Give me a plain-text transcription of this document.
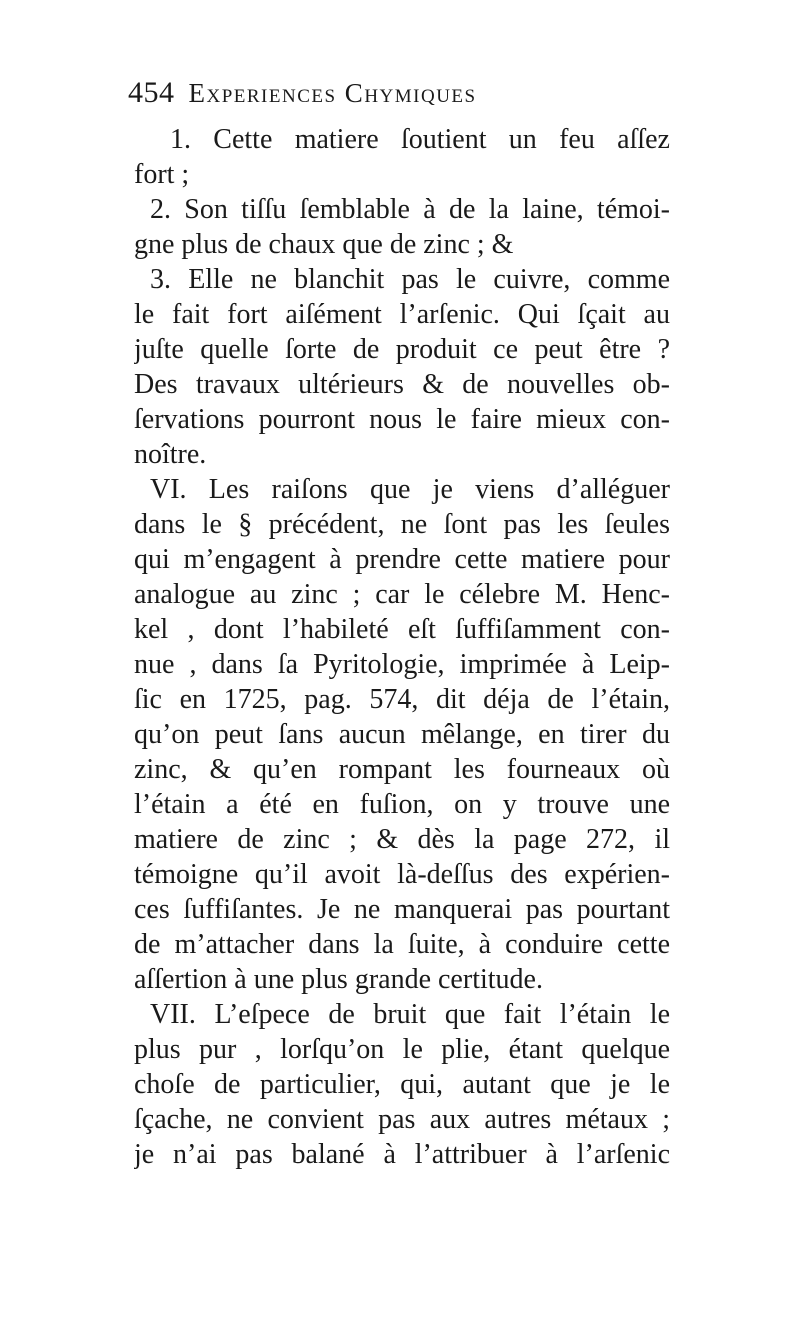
454 Experiences Chymiques
1. Cette matiere ſoutient un feu aſſez
fort ;
2. Son tiſſu ſemblable à de la laine, témoi-
gne plus de chaux que de zinc ; &
3. Elle ne blanchit pas le cuivre, comme
le fait fort aiſément l’arſenic. Qui ſçait au
juſte quelle ſorte de produit ce peut être ?
Des travaux ultérieurs & de nouvelles ob-
ſervations pourront nous le faire mieux con-
noître.
VI. Les raiſons que je viens d’alléguer
dans le § précédent, ne ſont pas les ſeules
qui m’engagent à prendre cette matiere pour
analogue au zinc ; car le célebre M. Henc-
kel , dont l’habileté eſt ſuffiſamment con-
nue , dans ſa Pyritologie, imprimée à Leip-
ſic en 1725, pag. 574, dit déja de l’étain,
qu’on peut ſans aucun mêlange, en tirer du
zinc, & qu’en rompant les fourneaux où
l’étain a été en fuſion, on y trouve une
matiere de zinc ; & dès la page 272, il
témoigne qu’il avoit là-deſſus des expérien-
ces ſuffiſantes. Je ne manquerai pas pourtant
de m’attacher dans la ſuite, à conduire cette
aſſertion à une plus grande certitude.
VII. L’eſpece de bruit que fait l’étain le
plus pur , lorſqu’on le plie, étant quelque
choſe de particulier, qui, autant que je le
ſçache, ne convient pas aux autres métaux ;
je n’ai pas balané à l’attribuer à l’arſenic
